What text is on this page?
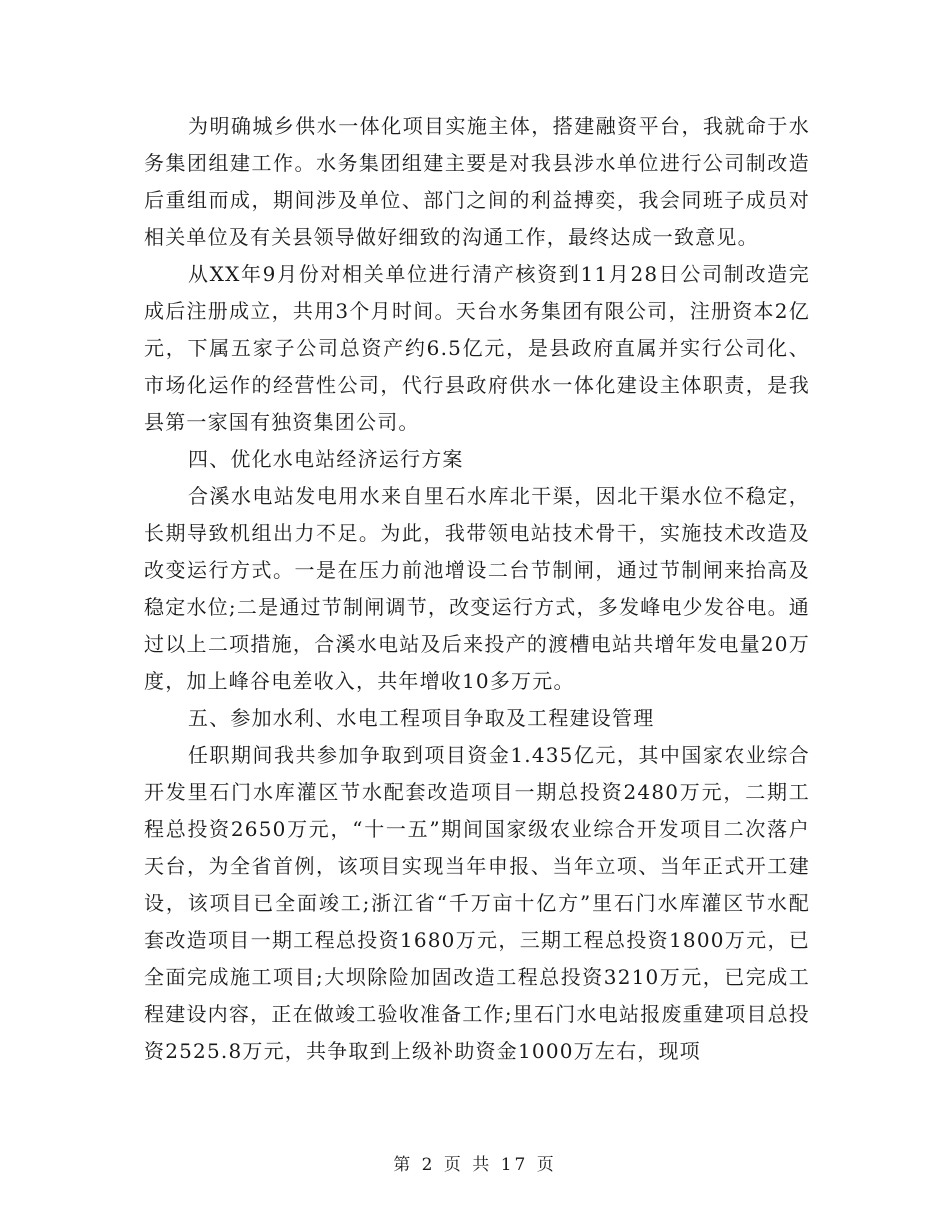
为明确城乡供水一体化项目实施主体，搭建融资平台，我就命于水务集团组建工作。水务集团组建主要是对我县涉水单位进行公司制改造后重组而成，期间涉及单位、部门之间的利益搏奕，我会同班子成员对相关单位及有关县领导做好细致的沟通工作，最终达成一致意见。

从XX年9月份对相关单位进行清产核资到11月28日公司制改造完成后注册成立，共用3个月时间。天台水务集团有限公司，注册资本2亿元，下属五家子公司总资产约6.5亿元，是县政府直属并实行公司化、市场化运作的经营性公司，代行县政府供水一体化建设主体职责，是我县第一家国有独资集团公司。

四、优化水电站经济运行方案

合溪水电站发电用水来自里石水库北干渠，因北干渠水位不稳定，长期导致机组出力不足。为此，我带领电站技术骨干，实施技术改造及改变运行方式。一是在压力前池增设二台节制闸，通过节制闸来抬高及稳定水位;二是通过节制闸调节，改变运行方式，多发峰电少发谷电。通过以上二项措施，合溪水电站及后来投产的渡槽电站共增年发电量20万度，加上峰谷电差收入，共年增收10多万元。

五、参加水利、水电工程项目争取及工程建设管理

任职期间我共参加争取到项目资金1.435亿元，其中国家农业综合开发里石门水库灌区节水配套改造项目一期总投资2480万元，二期工程总投资2650万元，“十一五”期间国家级农业综合开发项目二次落户天台，为全省首例，该项目实现当年申报、当年立项、当年正式开工建设，该项目已全面竣工;浙江省“千万亩十亿方”里石门水库灌区节水配套改造项目一期工程总投资1680万元，三期工程总投资1800万元，已全面完成施工项目;大坝除险加固改造工程总投资3210万元，已完成工程建设内容，正在做竣工验收准备工作;里石门水电站报废重建项目总投资2525.8万元，共争取到上级补助资金1000万左右，现项

第 2 页 共 17 页
